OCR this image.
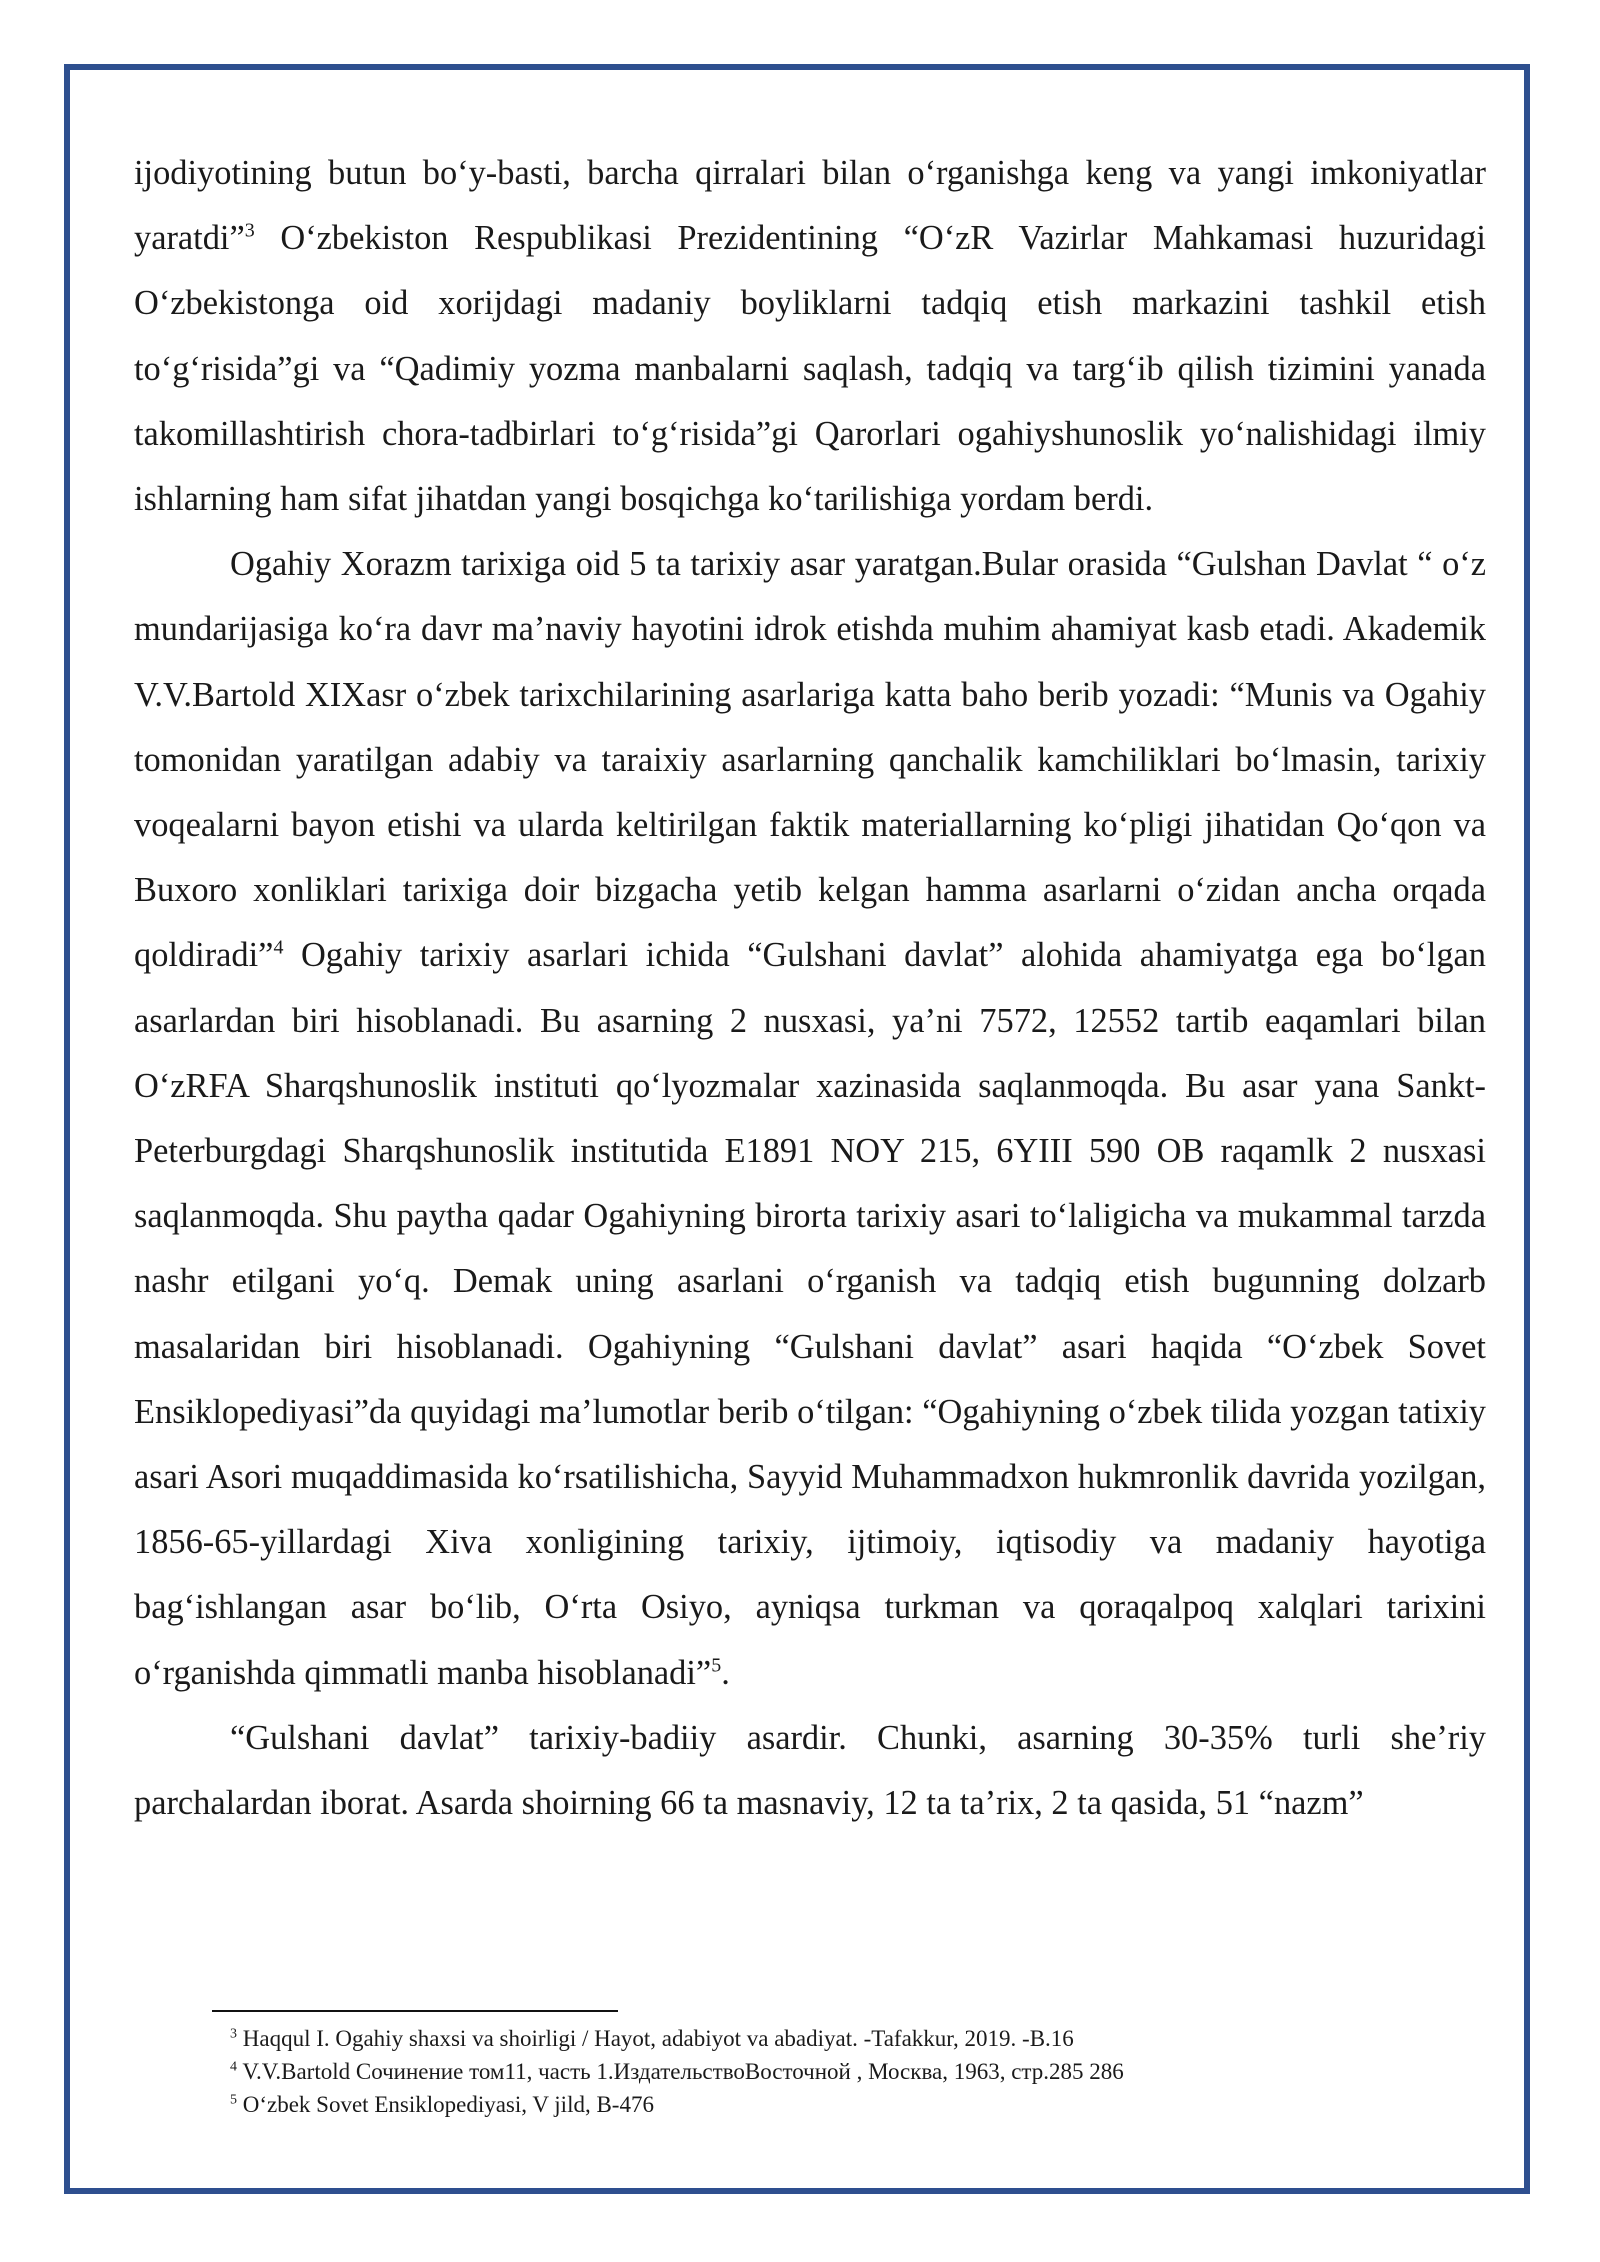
ijodiyotining butun bo‘y-basti, barcha qirralari bilan o‘rganishga keng va yangi imkoniyatlar yaratdi”$^3$ O‘zbekiston Respublikasi Prezidentining “O‘zR Vazirlar Mahkamasi huzuridagi O‘zbekistonga oid xorijdagi madaniy boyliklarni tadqiq etish markazini tashkil etish to‘g‘risida”gi va “Qadimiy yozma manbalarni saqlash, tadqiq va targ‘ib qilish tizimini yanada takomillashtirish chora-tadbirlari to‘g‘risida”gi Qarorlari ogahiyshunoslik yo‘nalishidagi ilmiy ishlarning ham sifat jihatdan yangi bosqichga ko‘tarilishiga yordam berdi.

Ogahiy Xorazm tarixiga oid 5 ta tarixiy asar yaratgan.Bular orasida “Gulshan Davlat “ o‘z mundarijasiga ko‘ra davr ma’naviy hayotini idrok etishda muhim ahamiyat kasb etadi. Akademik V.V.Bartold XIXasr o‘zbek tarixchilarining asarlariga katta baho berib yozadi: “Munis va Ogahiy tomonidan yaratilgan adabiy va taraixiy asarlarning qanchalik kamchiliklari bo‘lmasin, tarixiy voqealarni bayon etishi va ularda keltirilgan faktik materiallarning ko‘pligi jihatidan Qo‘qon va Buxoro xonliklari tarixiga doir bizgacha yetib kelgan hamma asarlarni o‘zidan ancha orqada qoldiradi”$^4$ Ogahiy tarixiy asarlari ichida “Gulshani davlat” alohida ahamiyatga ega bo‘lgan asarlardan biri hisoblanadi. Bu asarning 2 nusxasi, ya’ni 7572, 12552 tartib eaqamlari bilan O‘zRFA Sharqshunoslik instituti qo‘lyozmalar xazinasida saqlanmoqda. Bu asar yana Sankt-Peterburgdagi Sharqshunoslik institutida E1891 NOY 215, 6YIII 590 OB raqamlk 2 nusxasi saqlanmoqda. Shu paytha qadar Ogahiyning birorta tarixiy asari to‘laligicha va mukammal tarzda nashr etilgani yo‘q. Demak uning asarlani o‘rganish va tadqiq etish bugunning dolzarb masalaridan biri hisoblanadi. Ogahiyning “Gulshani davlat” asari haqida “O‘zbek Sovet Ensiklopediyasi”da quyidagi ma’lumotlar berib o‘tilgan: “Ogahiyning o‘zbek tilida yozgan tatixiy asari Asori muqaddimasida ko‘rsatilishicha, Sayyid Muhammadxon hukmronlik davrida yozilgan, 1856-65-yillardagi Xiva xonligining tarixiy, ijtimoiy, iqtisodiy va madaniy hayotiga bag‘ishlangan asar bo‘lib, O‘rta Osiyo, ayniqsa turkman va qoraqalpoq xalqlari tarixini o‘rganishda qimmatli manba hisoblanadi”$^5$.

“Gulshani davlat” tarixiy-badiiy asardir. Chunki, asarning 30-35% turli she’riy parchalardan iborat. Asarda shoirning 66 ta masnaviy, 12 ta ta’rix, 2 ta qasida, 51 “nazm”

$^3$ Haqqul I. Ogahiy shaxsi va shoirligi / Hayot, adabiyot va abadiyat. -Tafakkur, 2019. -B.16
$^4$ V.V.Bartold Сочинение том11, часть 1.ИздательствоВосточной , Москва, 1963, стр.285 286
$^5$ O‘zbek Sovet Ensiklopediyasi, V jild, B-476
